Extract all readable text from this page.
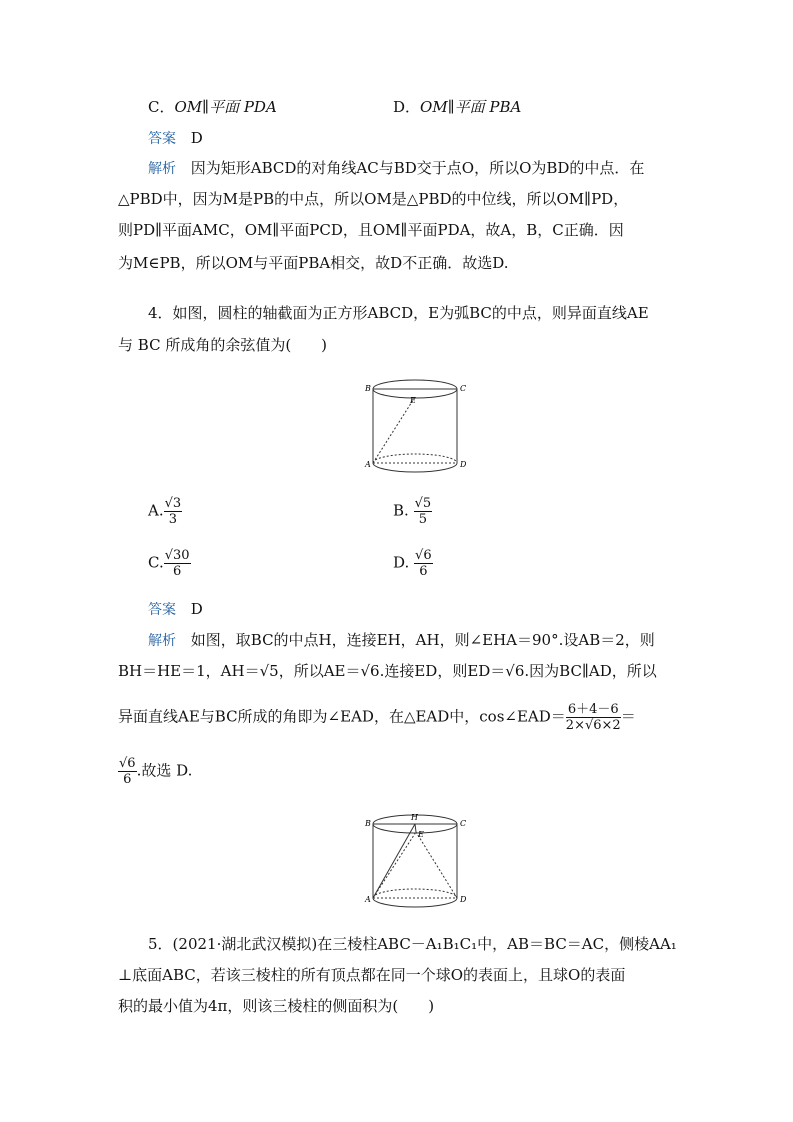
C．OM∥平面 PDA	D．OM∥平面 PBA
答案 D
解析 因为矩形ABCD的对角线AC与BD交于点O，所以O为BD的中点．在
△PBD中，因为M是PB的中点，所以OM是△PBD的中位线，所以OM∥PD，
则PD∥平面AMC，OM∥平面PCD，且OM∥平面PDA，故A，B，C正确．因
为M∈PB，所以OM与平面PBA相交，故D不正确．故选D.
4．如图，圆柱的轴截面为正方形ABCD，E为弧BC的中点，则异面直线AE
与 BC 所成角的余弦值为(　　)
B	C
E
A	D
A. $\frac{√3}{3}$	B. $\frac{√5}{5}$
C. $\frac{√30}{6}$	D. $\frac{√6}{6}$
答案 D
解析 如图，取BC的中点H，连接EH，AH，则∠EHA＝90°.设AB＝2，则
BH＝HE＝1，AH＝√5，所以AE＝√6.连接ED，则ED＝√6.因为BC∥AD，所以
异面直线AE与BC所成的角即为∠EAD，在△EAD中，cos∠EAD＝ $\frac{6+4-6}{2\times√6\times 2}$ ＝
$\frac{√6}{6}$ .故选 D.
B
H
C
E
A	D
5．(2021·湖北武汉模拟)在三棱柱ABC－A₁B₁C₁中，AB＝BC＝AC，侧棱AA₁
⊥底面ABC，若该三棱柱的所有顶点都在同一个球O的表面上，且球O的表面
积的最小值为4π，则该三棱柱的侧面积为(　　)
